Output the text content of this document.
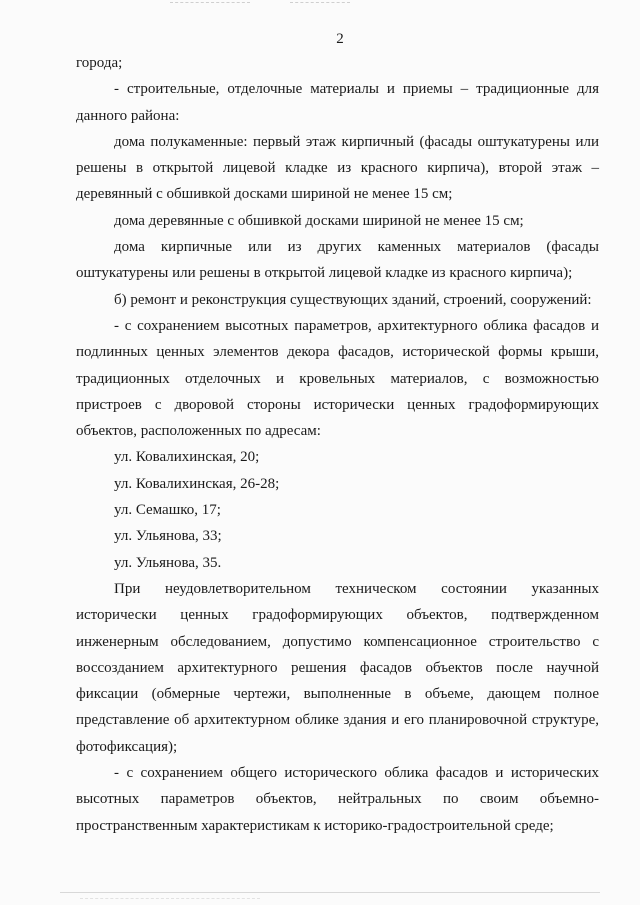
2

города;

- строительные, отделочные материалы и приемы – традиционные для данного района:

дома полукаменные: первый этаж кирпичный (фасады оштукатурены или решены в открытой лицевой кладке из красного кирпича), второй этаж – деревянный с обшивкой досками шириной не менее 15 см;

дома деревянные с обшивкой досками шириной не менее 15 см;

дома кирпичные или из других каменных материалов (фасады оштукатурены или решены в открытой лицевой кладке из красного кирпича);

б) ремонт и реконструкция существующих зданий, строений, сооружений:

- с сохранением высотных параметров, архитектурного облика фасадов и подлинных ценных элементов декора фасадов, исторической формы крыши, традиционных отделочных и кровельных материалов, с возможностью пристроев с дворовой стороны исторически ценных градоформирующих объектов, расположенных по адресам:

ул. Ковалихинская, 20;

ул. Ковалихинская, 26-28;

ул. Семашко, 17;

ул. Ульянова, 33;

ул. Ульянова, 35.

При неудовлетворительном техническом состоянии указанных исторически ценных градоформирующих объектов, подтвержденном инженерным обследованием, допустимо компенсационное строительство с воссозданием архитектурного решения фасадов объектов после научной фиксации (обмерные чертежи, выполненные в объеме, дающем полное представление об архитектурном облике здания и его планировочной структуре, фотофиксация);

- с сохранением общего исторического облика фасадов и исторических высотных параметров объектов, нейтральных по своим объемно-пространственным характеристикам к историко-градостроительной среде;
